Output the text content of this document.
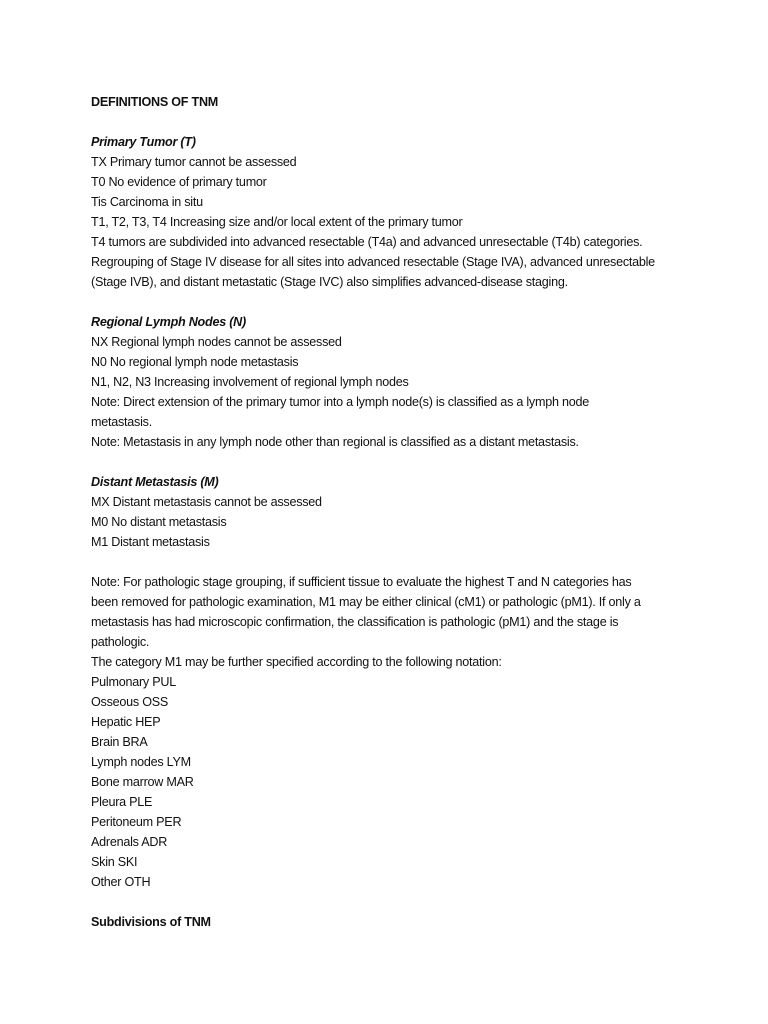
DEFINITIONS OF TNM
Primary Tumor (T)
TX Primary tumor cannot be assessed
T0 No evidence of primary tumor
Tis Carcinoma in situ
T1, T2, T3, T4 Increasing size and/or local extent of the primary tumor
T4 tumors are subdivided into advanced resectable (T4a) and advanced unresectable (T4b) categories.
Regrouping of Stage IV disease for all sites into advanced resectable (Stage IVA), advanced unresectable
(Stage IVB), and distant metastatic (Stage IVC) also simplifies advanced-disease staging.
Regional Lymph Nodes (N)
NX Regional lymph nodes cannot be assessed
N0 No regional lymph node metastasis
N1, N2, N3 Increasing involvement of regional lymph nodes
Note: Direct extension of the primary tumor into a lymph node(s) is classified as a lymph node
metastasis.
Note: Metastasis in any lymph node other than regional is classified as a distant metastasis.
Distant Metastasis (M)
MX Distant metastasis cannot be assessed
M0 No distant metastasis
M1 Distant metastasis
Note: For pathologic stage grouping, if sufficient tissue to evaluate the highest T and N categories has
been removed for pathologic examination, M1 may be either clinical (cM1) or pathologic (pM1). If only a
metastasis has had microscopic confirmation, the classification is pathologic (pM1) and the stage is
pathologic.
The category M1 may be further specified according to the following notation:
Pulmonary PUL
Osseous OSS
Hepatic HEP
Brain BRA
Lymph nodes LYM
Bone marrow MAR
Pleura PLE
Peritoneum PER
Adrenals ADR
Skin SKI
Other OTH
Subdivisions of TNM
